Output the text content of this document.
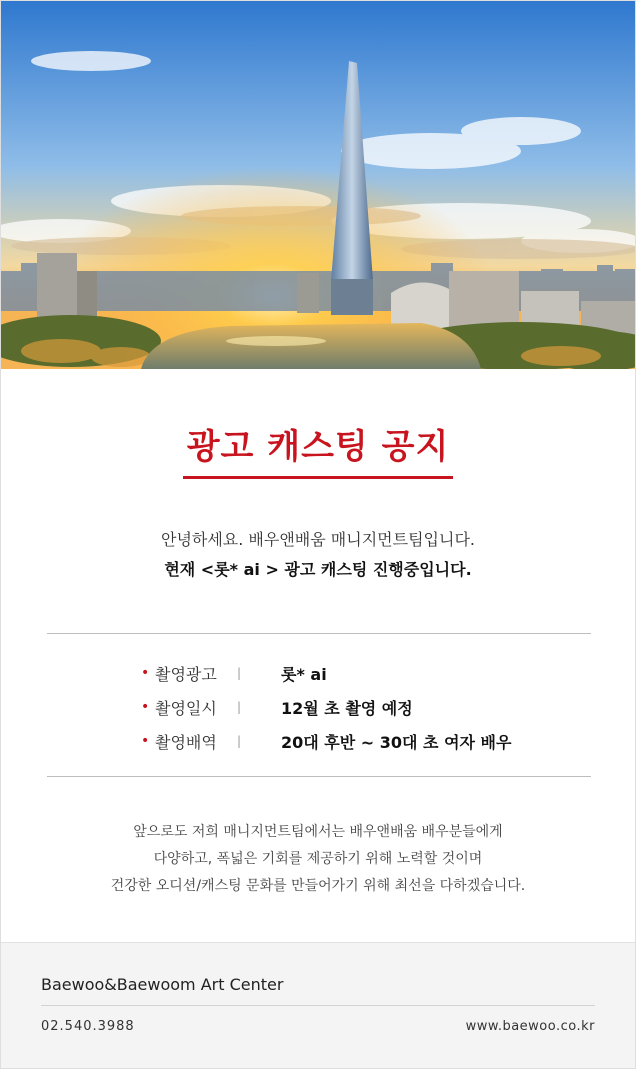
광고 캐스팅 공지
안녕하세요. 배우앤배움 매니지먼트팀입니다.
현재 <롯* ai > 광고 캐스팅 진행중입니다.
• 촬영광고	|	롯* ai
• 촬영일시	|	12월 초 촬영 예정
• 촬영배역	|	20대 후반 ~ 30대 초 여자 배우
앞으로도 저희 매니지먼트팀에서는 배우앤배움 배우분들에게
다양하고, 폭넓은 기회를 제공하기 위해 노력할 것이며
건강한 오디션/캐스팅 문화를 만들어가기 위해 최선을 다하겠습니다.
Baewoo&Baewoom Art Center
02.540.3988	www.baewoo.co.kr
